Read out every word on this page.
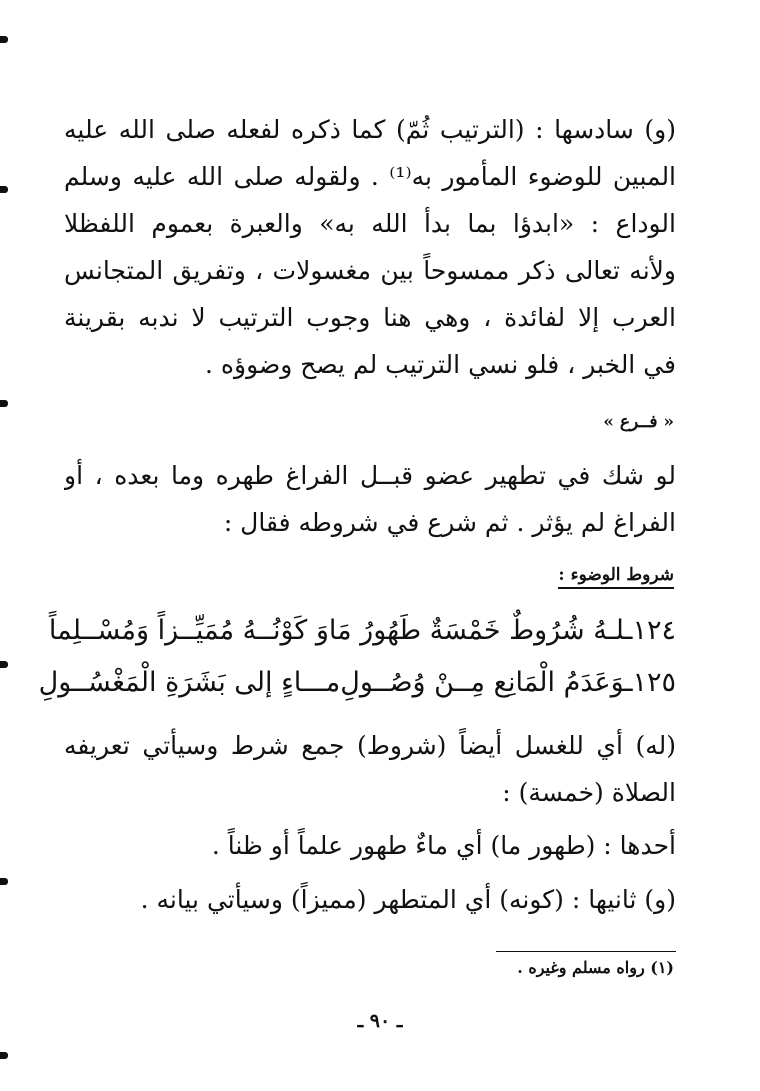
(و) سادسها : (الترتيب ثُمّ) كما ذكره لفعله صلى الله عليه
المبين للوضوء المأمور به⁽¹⁾ . ولقوله صلى الله عليه وسلم
الوداع : «ابدؤا بما بدأ الله به» والعبرة بعموم اللفظلا
ولأنه تعالى ذكر ممسوحاً بين مغسولات ، وتفريق المتجانس
العرب إلا لفائدة ، وهي هنا وجوب الترتيب لا ندبه بقرينة
في الخبر ، فلو نسي الترتيب لم يصح وضوؤه .
« فــرع »
لو شك في تطهير عضو قبــل الفراغ طهره وما بعده ، أو
الفراغ لم يؤثر . ثم شرع في شروطه فقال :
شروط الوضوء :
١٢٤ـلـهُ شُرُوطٌ خَمْسَةٌ طَهُورُ مَا
وَ كَوْنُــهُ مُمَيِّــزاً وَمُسْــلِماً
١٢٥ـوَعَدَمُ الْمَانِع مِــنْ وُصُــولِ
مـــاءٍ إلى بَشَرَةِ الْمَغْسُــولِ
(له) أي للغسل أيضاً (شروط) جمع شرط وسيأتي تعريفه
الصلاة (خمسة) :
أحدها : (طهور ما) أي ماءٌ طهور علماً أو ظناً .
(و) ثانيها : (كونه) أي المتطهر (مميزاً) وسيأتي بيانه .
(١) رواه مسلم وغيره .
ـ ٩٠ ـ
